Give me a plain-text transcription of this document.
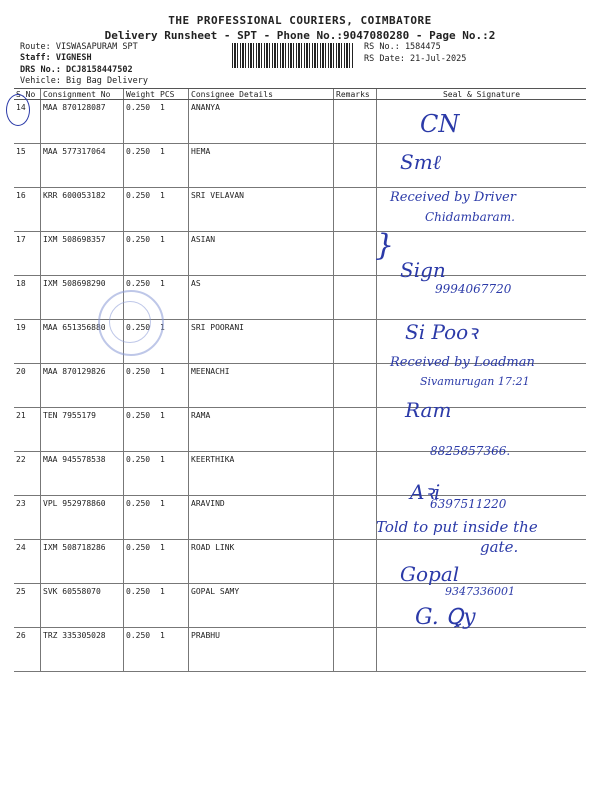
THE PROFESSIONAL COURIERS, COIMBATORE
Delivery Runsheet - SPT - Phone No.:9047080280 - Page No.:2
Route: VISWASAPURAM SPT
Staff: VIGNESH
DRS No.: DCJ8158447502
Vehicle: Big Bag Delivery
RS No.: 1584475
RS Date: 21-Jul-2025
S.No	Consignment No	Weight	PCS	Consignee Details	Remarks	Seal & Signature
14	MAA 870128087	0.250	1	ANANYA		
15	MAA 577317064	0.250	1	HEMA		
16	KRR 600053182	0.250	1	SRI VELAVAN		
17	IXM 508698357	0.250	1	ASIAN		
18	IXM 508698290	0.250	1	AS		
19	MAA 651356880	0.250	1	SRI POORANI		
20	MAA 870129826	0.250	1	MEENACHI		
21	TEN 7955179	0.250	1	RAMA		
22	MAA 945578538	0.250	1	KEERTHIKA		
23	VPL 952978860	0.250	1	ARAVIND		
24	IXM 508718286	0.250	1	ROAD LINK		
25	SVK 60558070	0.250	1	GOPAL SAMY		
26	TRZ 335305028	0.250	1	PRABHU		
CN
Ѕmℓ
Received by Driver
Chidambaram.
}
Ѕign
9994067720
Ѕi Pooꝛ
Received by Loadman
Sivamurugan 17:21
Ram
8825857366.
Aꝛi
6397511220
Told to put inside the
gate.
Gopal
9347336001
G. Ꝗy
